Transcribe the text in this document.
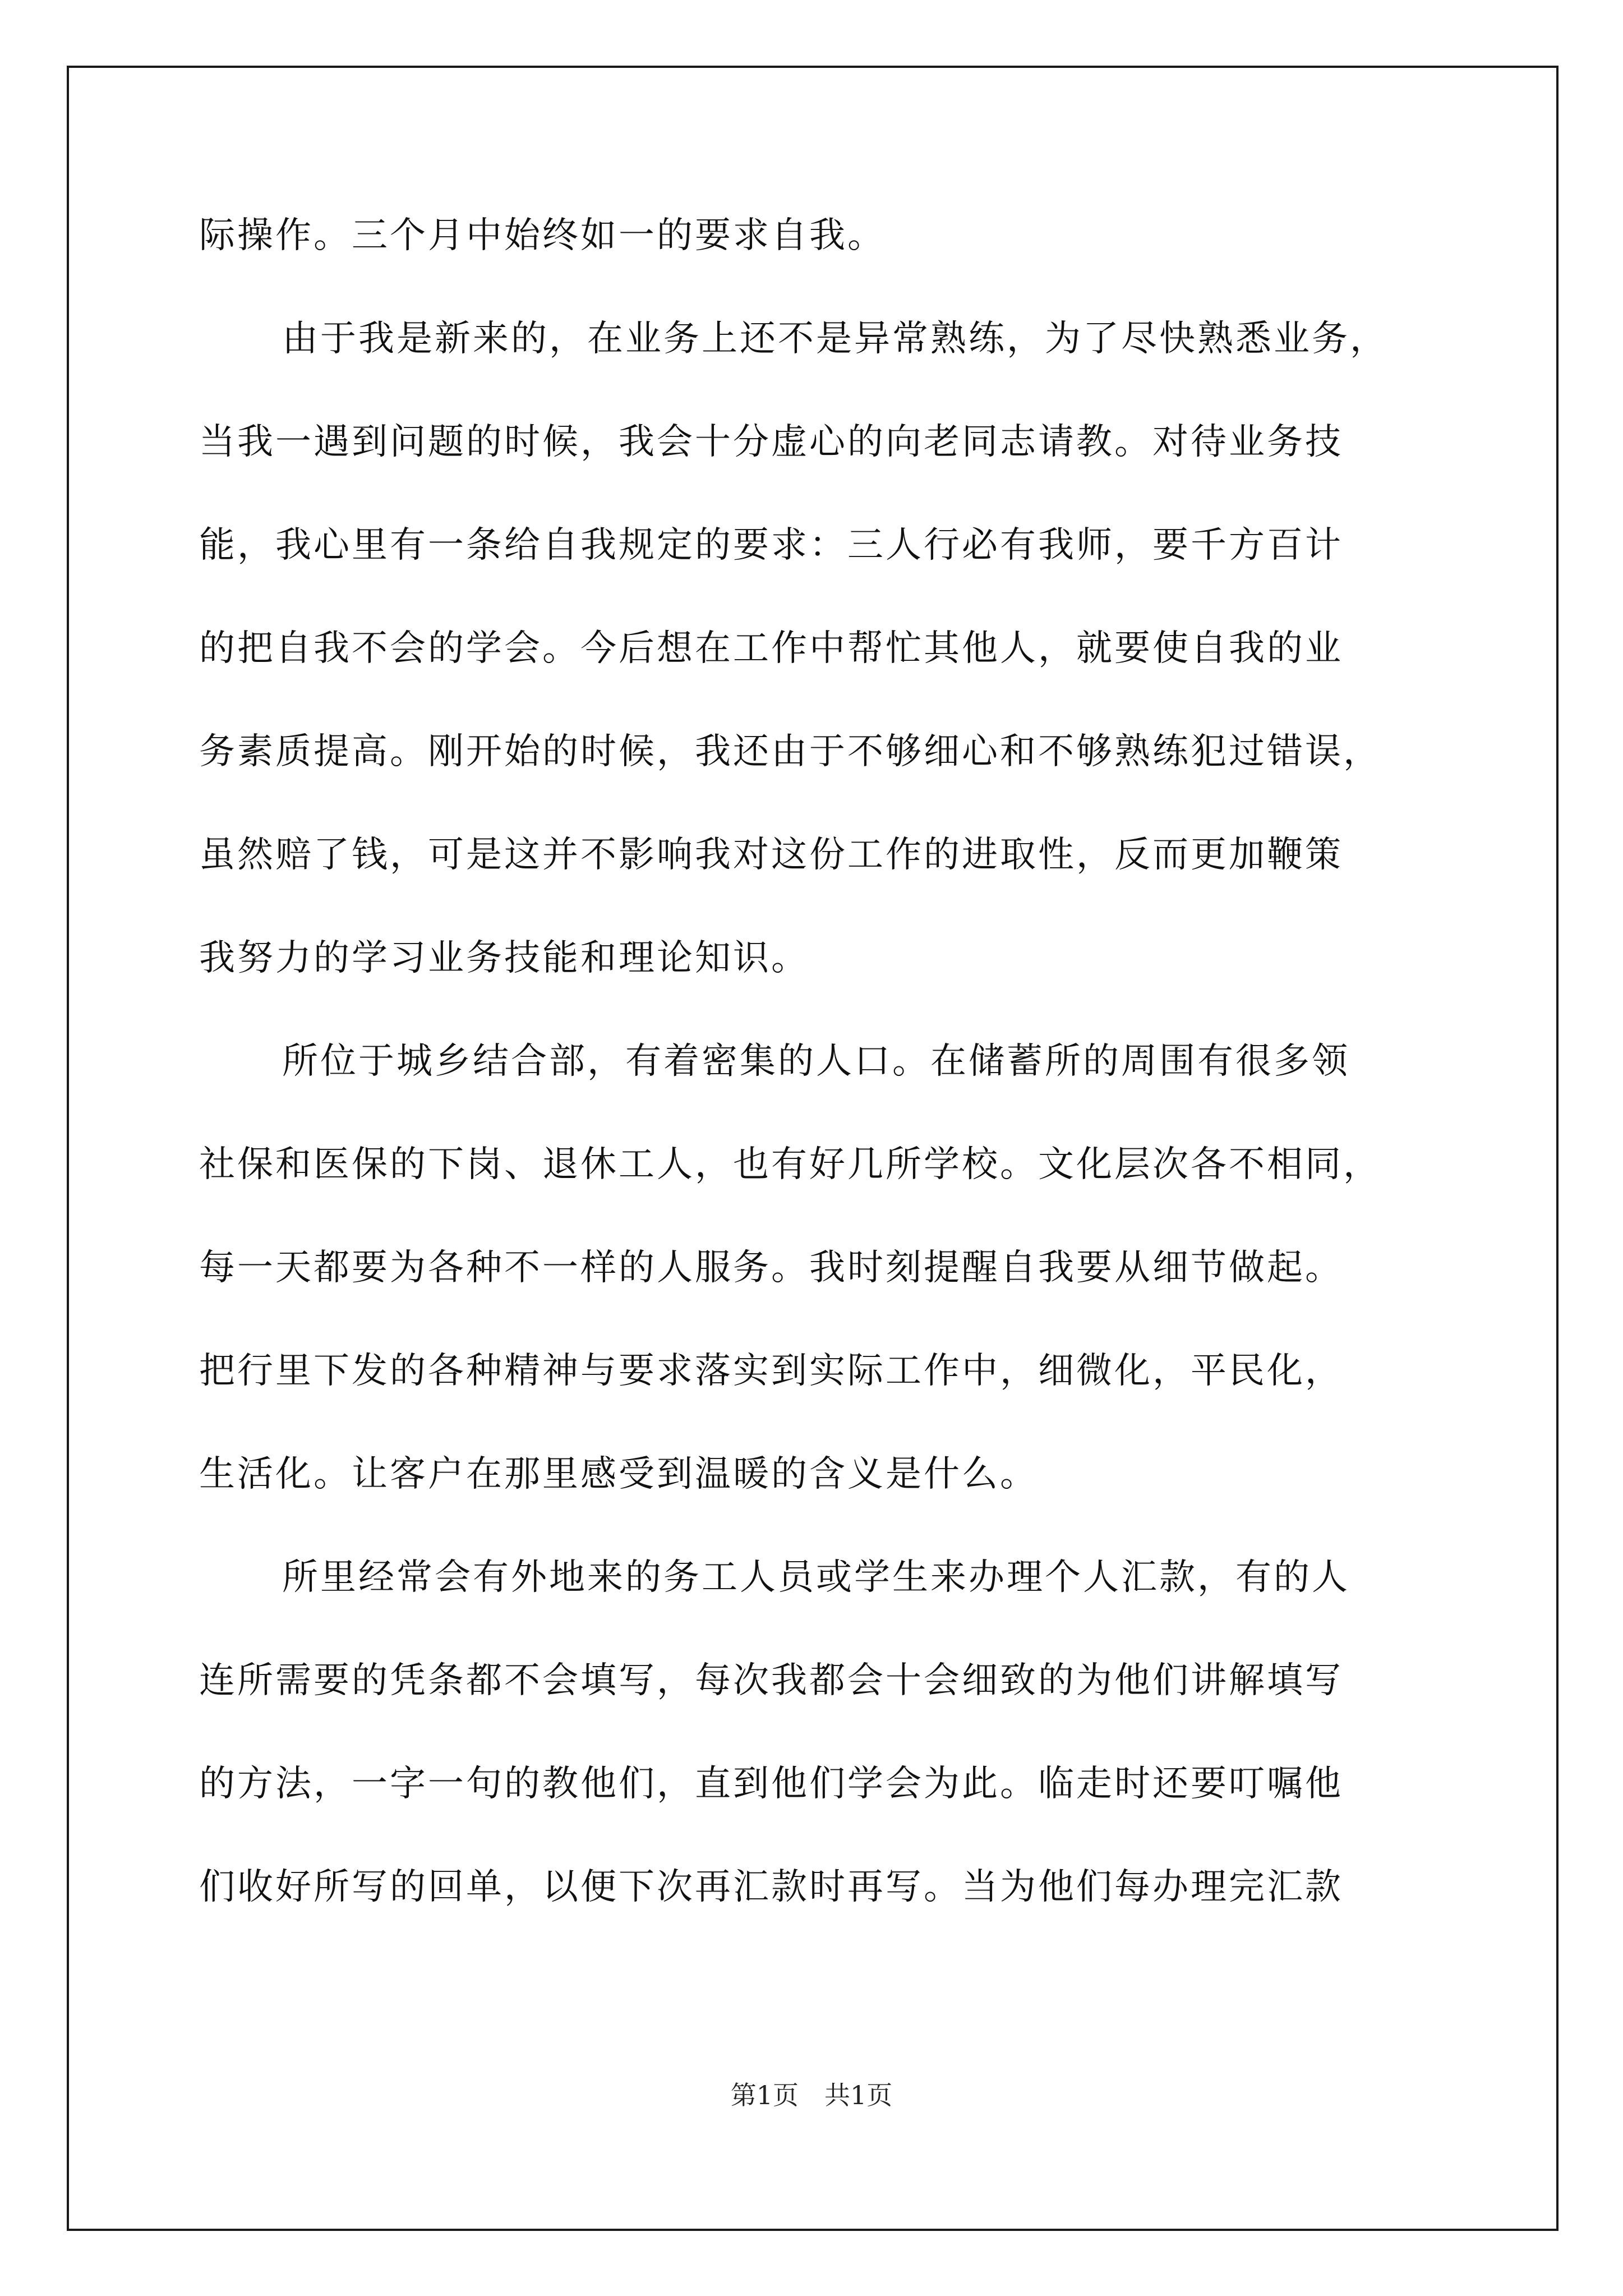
际操作。三个月中始终如一的要求自我。
由于我是新来的，在业务上还不是异常熟练，为了尽快熟悉业务，
当我一遇到问题的时候，我会十分虚心的向老同志请教。对待业务技
能，我心里有一条给自我规定的要求：三人行必有我师，要千方百计
的把自我不会的学会。今后想在工作中帮忙其他人，就要使自我的业
务素质提高。刚开始的时候，我还由于不够细心和不够熟练犯过错误，
虽然赔了钱，可是这并不影响我对这份工作的进取性，反而更加鞭策
我努力的学习业务技能和理论知识。
所位于城乡结合部，有着密集的人口。在储蓄所的周围有很多领
社保和医保的下岗、退休工人，也有好几所学校。文化层次各不相同，
每一天都要为各种不一样的人服务。我时刻提醒自我要从细节做起。
把行里下发的各种精神与要求落实到实际工作中，细微化，平民化，
生活化。让客户在那里感受到温暖的含义是什么。
所里经常会有外地来的务工人员或学生来办理个人汇款，有的人
连所需要的凭条都不会填写，每次我都会十会细致的为他们讲解填写
的方法，一字一句的教他们，直到他们学会为此。临走时还要叮嘱他
们收好所写的回单，以便下次再汇款时再写。当为他们每办理完汇款
第1页　共1页
